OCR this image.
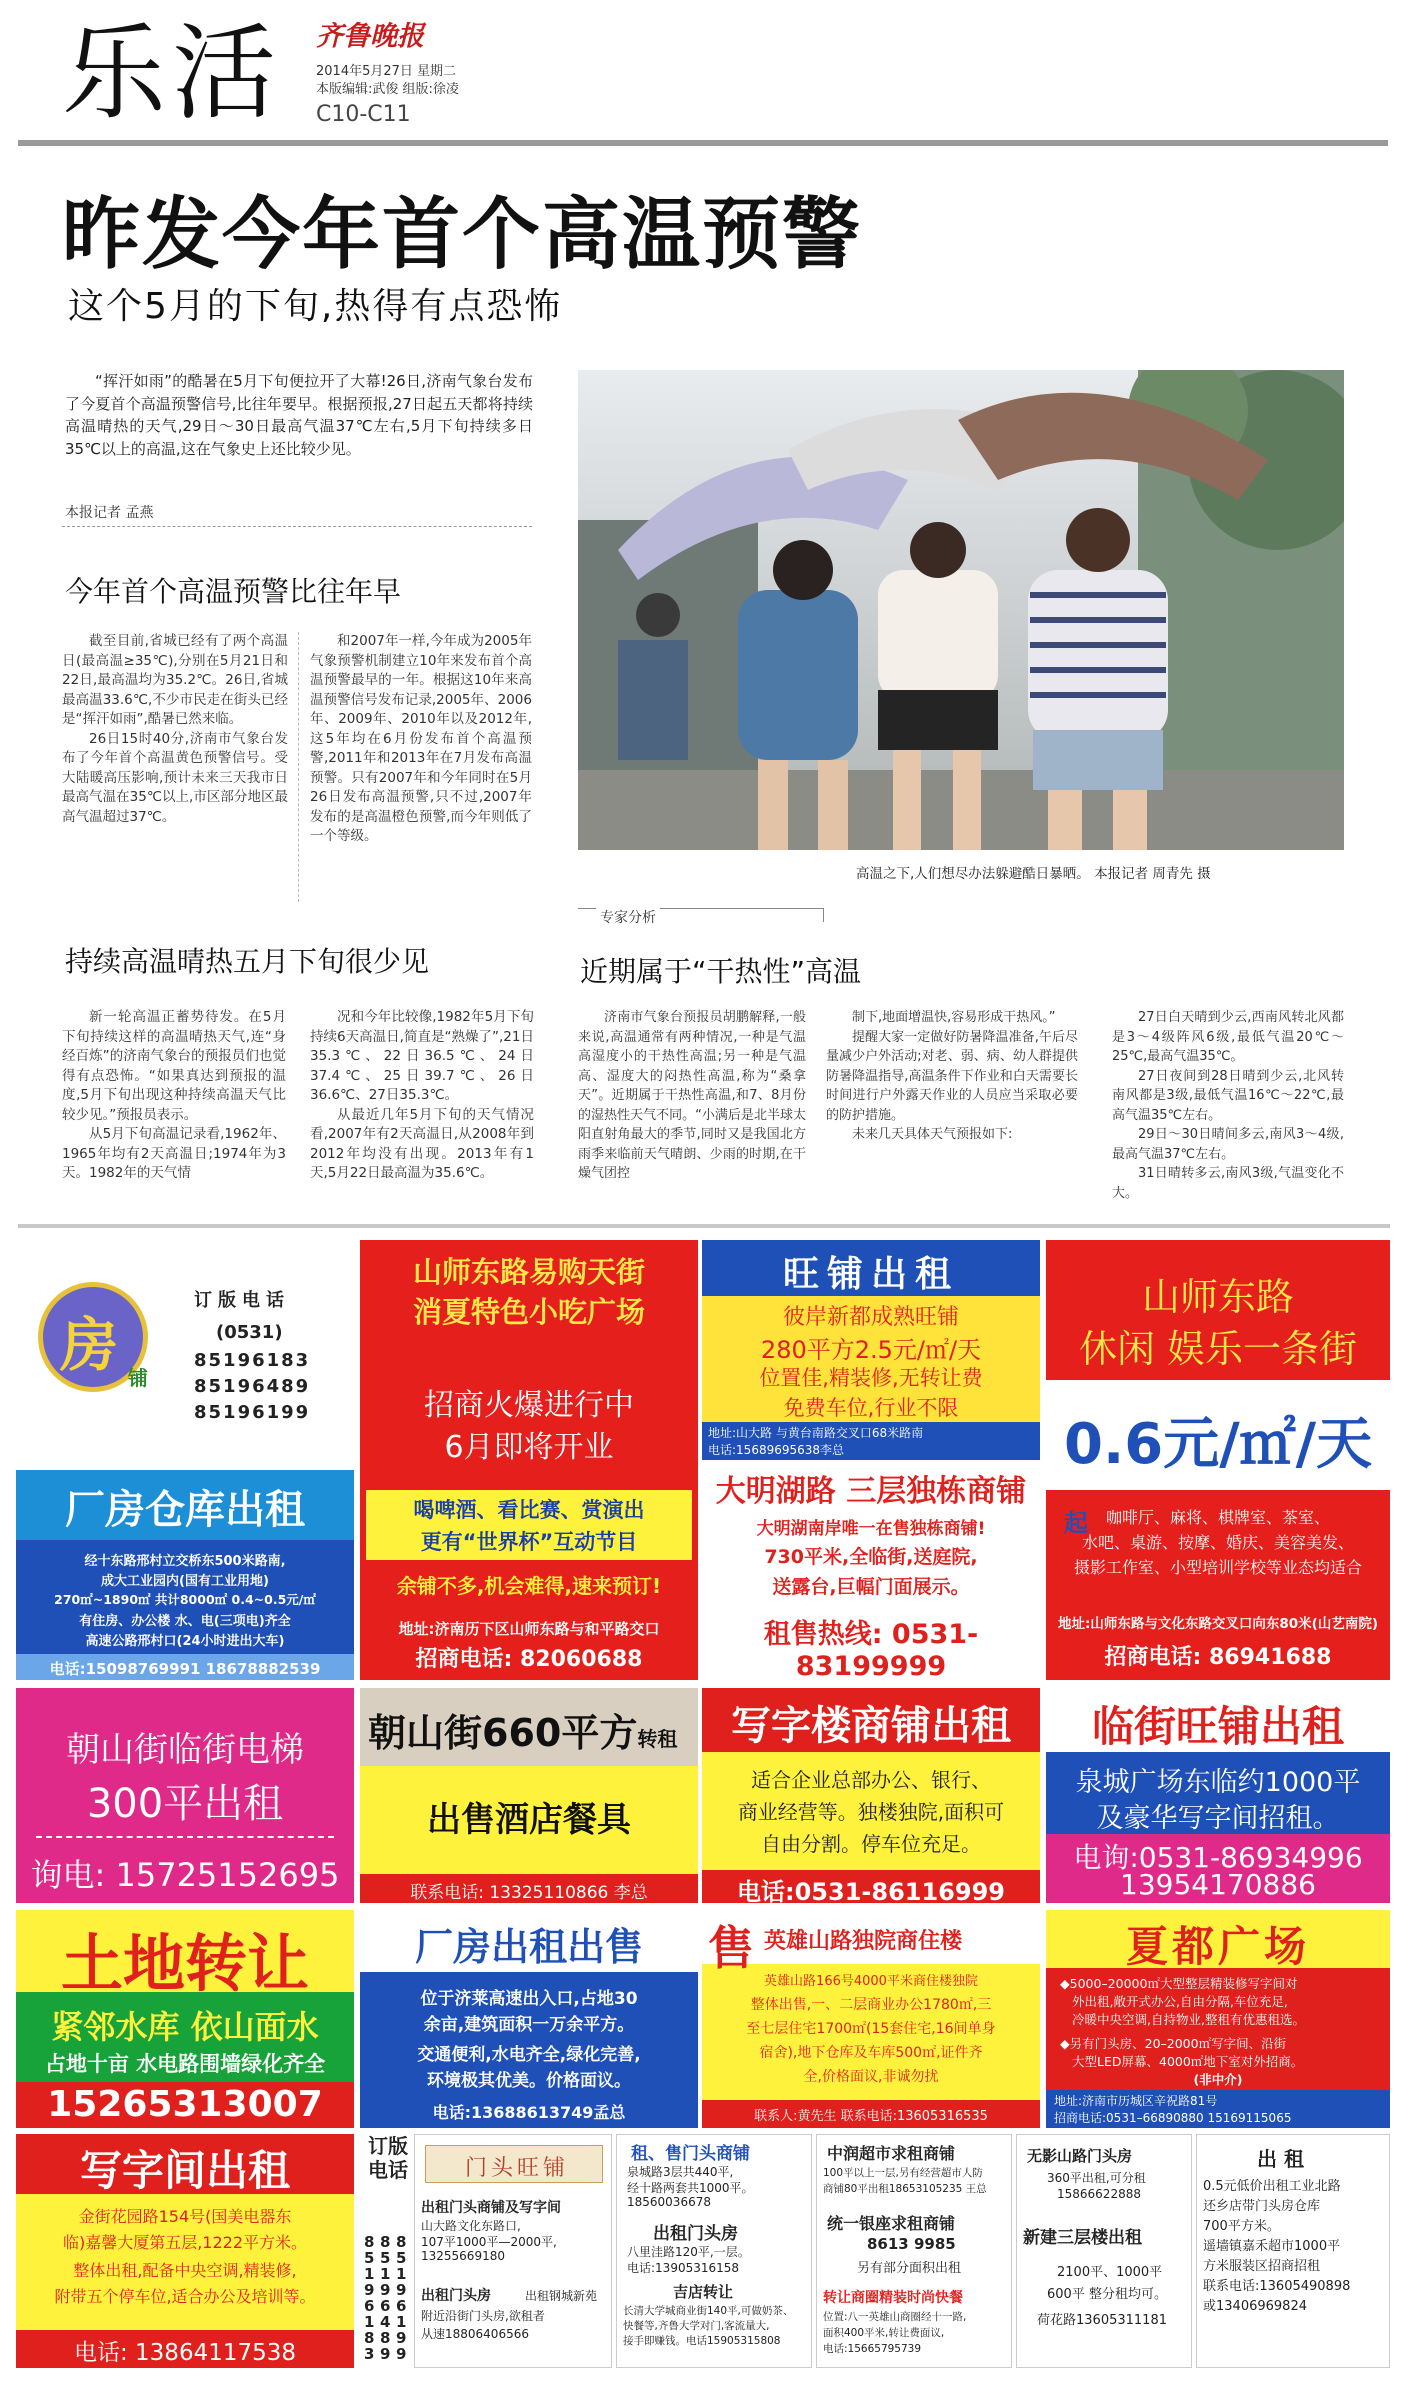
乐活 齐鲁晚报
2014年5月27日 星期二
本版编辑:武俊 组版:徐凌
C10-C11
昨发今年首个高温预警
这个5月的下旬,热得有点恐怖

“挥汗如雨”的酷暑在5月下旬便拉开了大幕!26日,济南气象台发布了今夏首个高温预警信号,比往年要早。根据预报,27日起五天都将持续高温晴热的天气,29日～30日最高气温37℃左右,5月下旬持续多日35℃以上的高温,这在气象史上还比较少见。

本报记者 孟燕
高温之下,人们想尽办法躲避酷日暴晒。 本报记者 周青先 摄
今年首个高温预警比往年早

截至目前,省城已经有了两个高温日(最高温≥35℃),分别在5月21日和22日,最高温均为35.2℃。26日,省城最高温33.6℃,不少市民走在街头已经是“挥汗如雨”,酷暑已然来临。

26日15时40分,济南市气象台发布了今年首个高温黄色预警信号。受大陆暖高压影响,预计未来三天我市日最高气温在35℃以上,市区部分地区最高气温超过37℃。

和2007年一样,今年成为2005年气象预警机制建立10年来发布首个高温预警最早的一年。根据这10年来高温预警信号发布记录,2005年、2006年、2009年、2010年以及2012年,这5年均在6月份发布首个高温预警,2011年和2013年在7月发布高温预警。只有2007年和今年同时在5月26日发布高温预警,只不过,2007年发布的是高温橙色预警,而今年则低了一个等级。

持续高温晴热五月下旬很少见

新一轮高温正蓄势待发。在5月下旬持续这样的高温晴热天气,连“身经百炼”的济南气象台的预报员们也觉得有点恐怖。“如果真达到预报的温度,5月下旬出现这种持续高温天气比较少见。”预报员表示。

从5月下旬高温记录看,1962年、1965年均有2天高温日;1974年为3天。1982年的天气情

况和今年比较像,1982年5月下旬持续6天高温日,简直是“熟燥了”,21日35.3℃、22日36.5℃、24日37.4℃、25日39.7℃、26日36.6℃、27日35.3℃。

从最近几年5月下旬的天气情况看,2007年有2天高温日,从2008年到2012年均没有出现。2013年有1天,5月22日最高温为35.6℃。

专家分析
近期属于“干热性”高温

济南市气象台预报员胡鹏解释,一般来说,高温通常有两种情况,一种是气温高湿度小的干热性高温;另一种是气温高、湿度大的闷热性高温,称为“桑拿天”。近期属于干热性高温,和7、8月份的湿热性天气不同。“小满后是北半球太阳直射角最大的季节,同时又是我国北方雨季来临前天气晴朗、少雨的时期,在干燥气团控

制下,地面增温快,容易形成干热风。”

提醒大家一定做好防暑降温准备,午后尽量减少户外活动;对老、弱、病、幼人群提供防暑降温指导,高温条件下作业和白天需要长时间进行户外露天作业的人员应当采取必要的防护措施。

未来几天具体天气预报如下:

27日白天晴到少云,西南风转北风都是3～4级阵风6级,最低气温20℃～25℃,最高气温35℃。

27日夜间到28日晴到少云,北风转南风都是3级,最低气温16℃～22℃,最高气温35℃左右。

29日～30日晴间多云,南风3～4级,最高气温37℃左右。

31日晴转多云,南风3级,气温变化不大。

房 铺
订版电话
(0531)
85196183
85196489
85196199
山师东路易购天街
消夏特色小吃广场
招商火爆进行中
6月即将开业
喝啤酒、看比赛、赏演出
更有“世界杯”互动节目
余铺不多,机会难得,速来预订!
地址:济南历下区山师东路与和平路交口
招商电话: 82060688
旺铺出租
彼岸新都成熟旺铺
280平方2.5元/㎡/天
位置佳,精装修,无转让费
免费车位,行业不限
地址:山大路 与黄台南路交叉口68米路南
电话:15689695638李总
大明湖路 三层独栋商铺
大明湖南岸唯一在售独栋商铺!
730平米,全临街,送庭院,
送露台,巨幅门面展示。
租售热线: 0531-83199999
山师东路
休闲 娱乐一条街
0.6元/㎡/天起	咖啡厅、麻将、棋牌室、茶室、
水吧、桌游、按摩、婚庆、美容美发、
摄影工作室、小型培训学校等业态均适合
地址:山师东路与文化东路交叉口向东80米(山艺南院)
招商电话: 86941688
厂房仓库出租
经十东路邢村立交桥东500米路南,
成大工业园内(国有工业用地)
270㎡~1890㎡ 共计8000㎡ 0.4~0.5元/㎡
有住房、办公楼 水、电(三项电)齐全
高速公路邢村口(24小时进出大车)
电话:15098769991 18678882539
朝山街临街电梯
300平出租
询电: 15725152695
朝山街660平方转租
出售酒店餐具
联系电话: 13325110866 李总
写字楼商铺出租
适合企业总部办公、银行、
商业经营等。独楼独院,面积可
自由分割。停车位充足。
电话:0531-86116999
临街旺铺出租
泉城广场东临约1000平
及豪华写字间招租。
电询:0531-86934996
13954170886
土地转让
紧邻水库 依山面水
占地十亩 水电路围墙绿化齐全
15265313007
厂房出租出售
位于济莱高速出入口,占地30
余亩,建筑面积一万余平方。
交通便利,水电齐全,绿化完善,
环境极其优美。价格面议。
电话:13688613749孟总
售 英雄山路独院商住楼
英雄山路166号4000平米商住楼独院
整体出售,一、二层商业办公1780㎡,三
至七层住宅1700㎡(15套住宅,16间单身
宿舍),地下仓库及车库500㎡,证件齐
全,价格面议,非诚勿扰
联系人:黄先生 联系电话:13605316535
夏都广场
◆5000–20000㎡大型整层精装修写字间对
外出租,敞开式办公,自由分隔,车位充足,
冷暖中央空调,自持物业,整租有优惠租选。
◆另有门头房、20–2000㎡写字间、沿街
大型LED屏幕、4000㎡地下室对外招商。
(非中介)
地址:济南市历城区辛祝路81号
招商电话:0531–66890880 15169115065
写字间出租
金街花园路154号(国美电器东
临)嘉馨大厦第五层,1222平方米。
整体出租,配备中央空调,精装修,
附带五个停车位,适合办公及培训等。
电话: 13864117538
订版电话
85196183
85196489
85196199
门头旺铺
出租门头商铺及写字间
山大路文化东路口,
107平1000平—2000平,
13255669180
出租门头房	出租钢城新苑
附近沿街门头房,欲租者
从速18806406566
租、售门头商铺
泉城路3层共440平,
经十路两套共1000平。
18560036678
出租门头房
八里洼路120平,一层。
电话:13905316158
吉店转让
长清大学城商业街140平,可做奶茶、
快餐等,齐鲁大学对门,客流量大,
接手即赚钱。电话15905315808
中润超市求租商铺
100平以上一层,另有经营超市人防
商铺80平出租18653105235 王总
统一银座求租商铺
8613 9985
另有部分面积出租
转让商圈精装时尚快餐
位置:八一英雄山商圈经十一路,
面积400平米,转让费面议,
电话:15665795739
无影山路门头房
360平出租,可分租
15866622888
新建三层楼出租
2100平、1000平
600平 整分租均可。
荷花路13605311181
出 租
0.5元低价出租工业北路
还乡店带门头房仓库
700平方米。
遥墙镇嘉禾超市1000平
方米服装区招商招租
联系电话:13605490898
或13406969824
